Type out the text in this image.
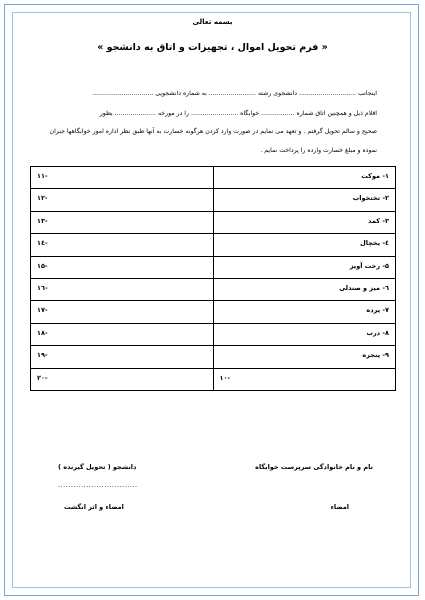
بسمه تعالی
« فرم تحویل اموال ، تجهیزات و اتاق به دانشجو »
اینجانب ............................. دانشجوی رشته ........................ به شماره دانشجویی ...............................
اقلام ذیل و همچنین اتاق شماره ................. خوابگاه ........................ را در مورخه ..................... بطور
صحیح و سالم تحویل گرفتم . و تعهد می نمایم در صورت وارد کردن هرگونه خسارت به آنها طبق نظر اداره امور خوابگاهها جبران
نموده و مبلغ خسارت وارده را پرداخت نمایم .
۱۱-	۱- موکت

۱۲-	۲- تختخواب

۱۳-	۳- کمد

۱٤-	٤- یخچال

۱۵-	۵- رخت آویز

۱٦-	٦- میز و صندلی

۱۷-	۷- پرده

۱۸-	۸- درب

۱۹-	۹- پنجره

۲۰-	۱۰-
نام و نام خانوادگی سرپرست خوابگاه
امضاء
دانشجو ( تحویل گیرنده )
...............................
امضاء و اثر انگشت
